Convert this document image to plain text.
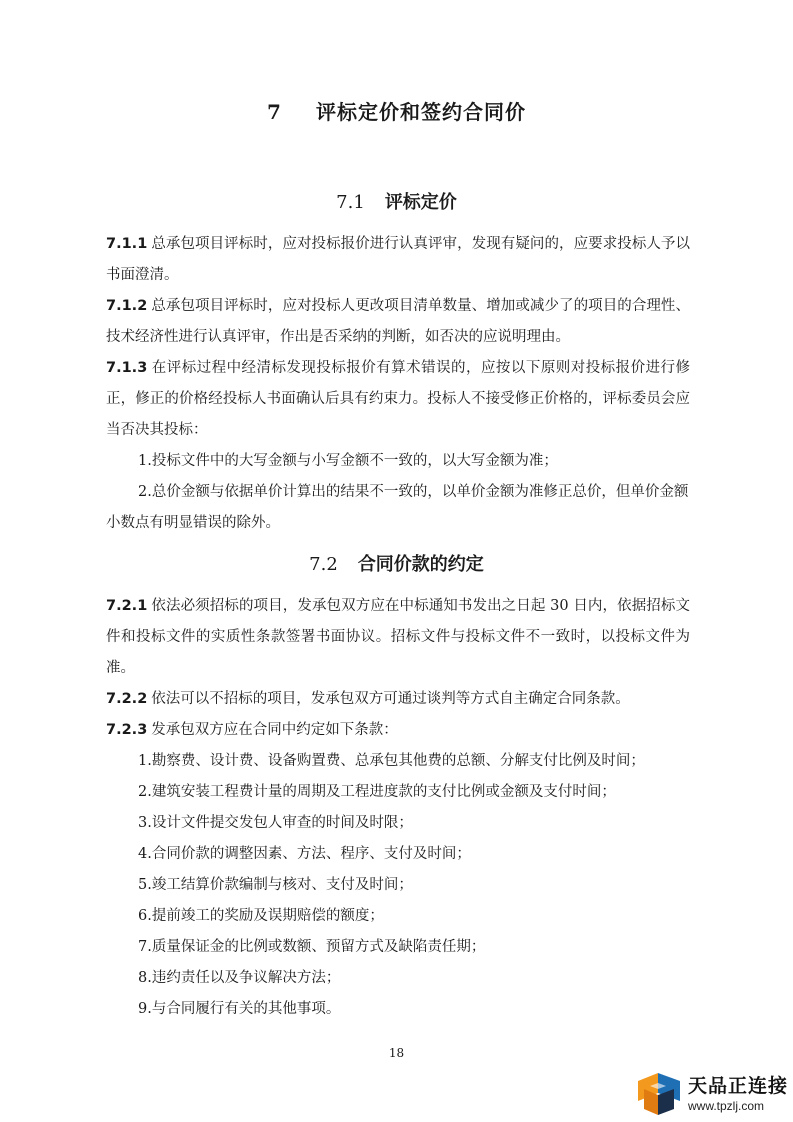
7 评标定价和签约合同价
7.1 评标定价
7.1.1 总承包项目评标时，应对投标报价进行认真评审，发现有疑问的，应要求投标人予以书面澄清。
7.1.2 总承包项目评标时，应对投标人更改项目清单数量、增加或减少了的项目的合理性、技术经济性进行认真评审，作出是否采纳的判断，如否决的应说明理由。
7.1.3 在评标过程中经清标发现投标报价有算术错误的，应按以下原则对投标报价进行修正，修正的价格经投标人书面确认后具有约束力。投标人不接受修正价格的，评标委员会应当否决其投标：
1.投标文件中的大写金额与小写金额不一致的，以大写金额为准；
2.总价金额与依据单价计算出的结果不一致的，以单价金额为准修正总价，但单价金额小数点有明显错误的除外。
7.2 合同价款的约定
7.2.1 依法必须招标的项目，发承包双方应在中标通知书发出之日起 30 日内，依据招标文件和投标文件的实质性条款签署书面协议。招标文件与投标文件不一致时，以投标文件为准。
7.2.2 依法可以不招标的项目，发承包双方可通过谈判等方式自主确定合同条款。
7.2.3 发承包双方应在合同中约定如下条款：
1.勘察费、设计费、设备购置费、总承包其他费的总额、分解支付比例及时间；
2.建筑安装工程费计量的周期及工程进度款的支付比例或金额及支付时间；
3.设计文件提交发包人审查的时间及时限；
4.合同价款的调整因素、方法、程序、支付及时间；
5.竣工结算价款编制与核对、支付及时间；
6.提前竣工的奖励及误期赔偿的额度；
7.质量保证金的比例或数额、预留方式及缺陷责任期；
8.违约责任以及争议解决方法；
9.与合同履行有关的其他事项。
18
天品正连接
www.tpzlj.com
